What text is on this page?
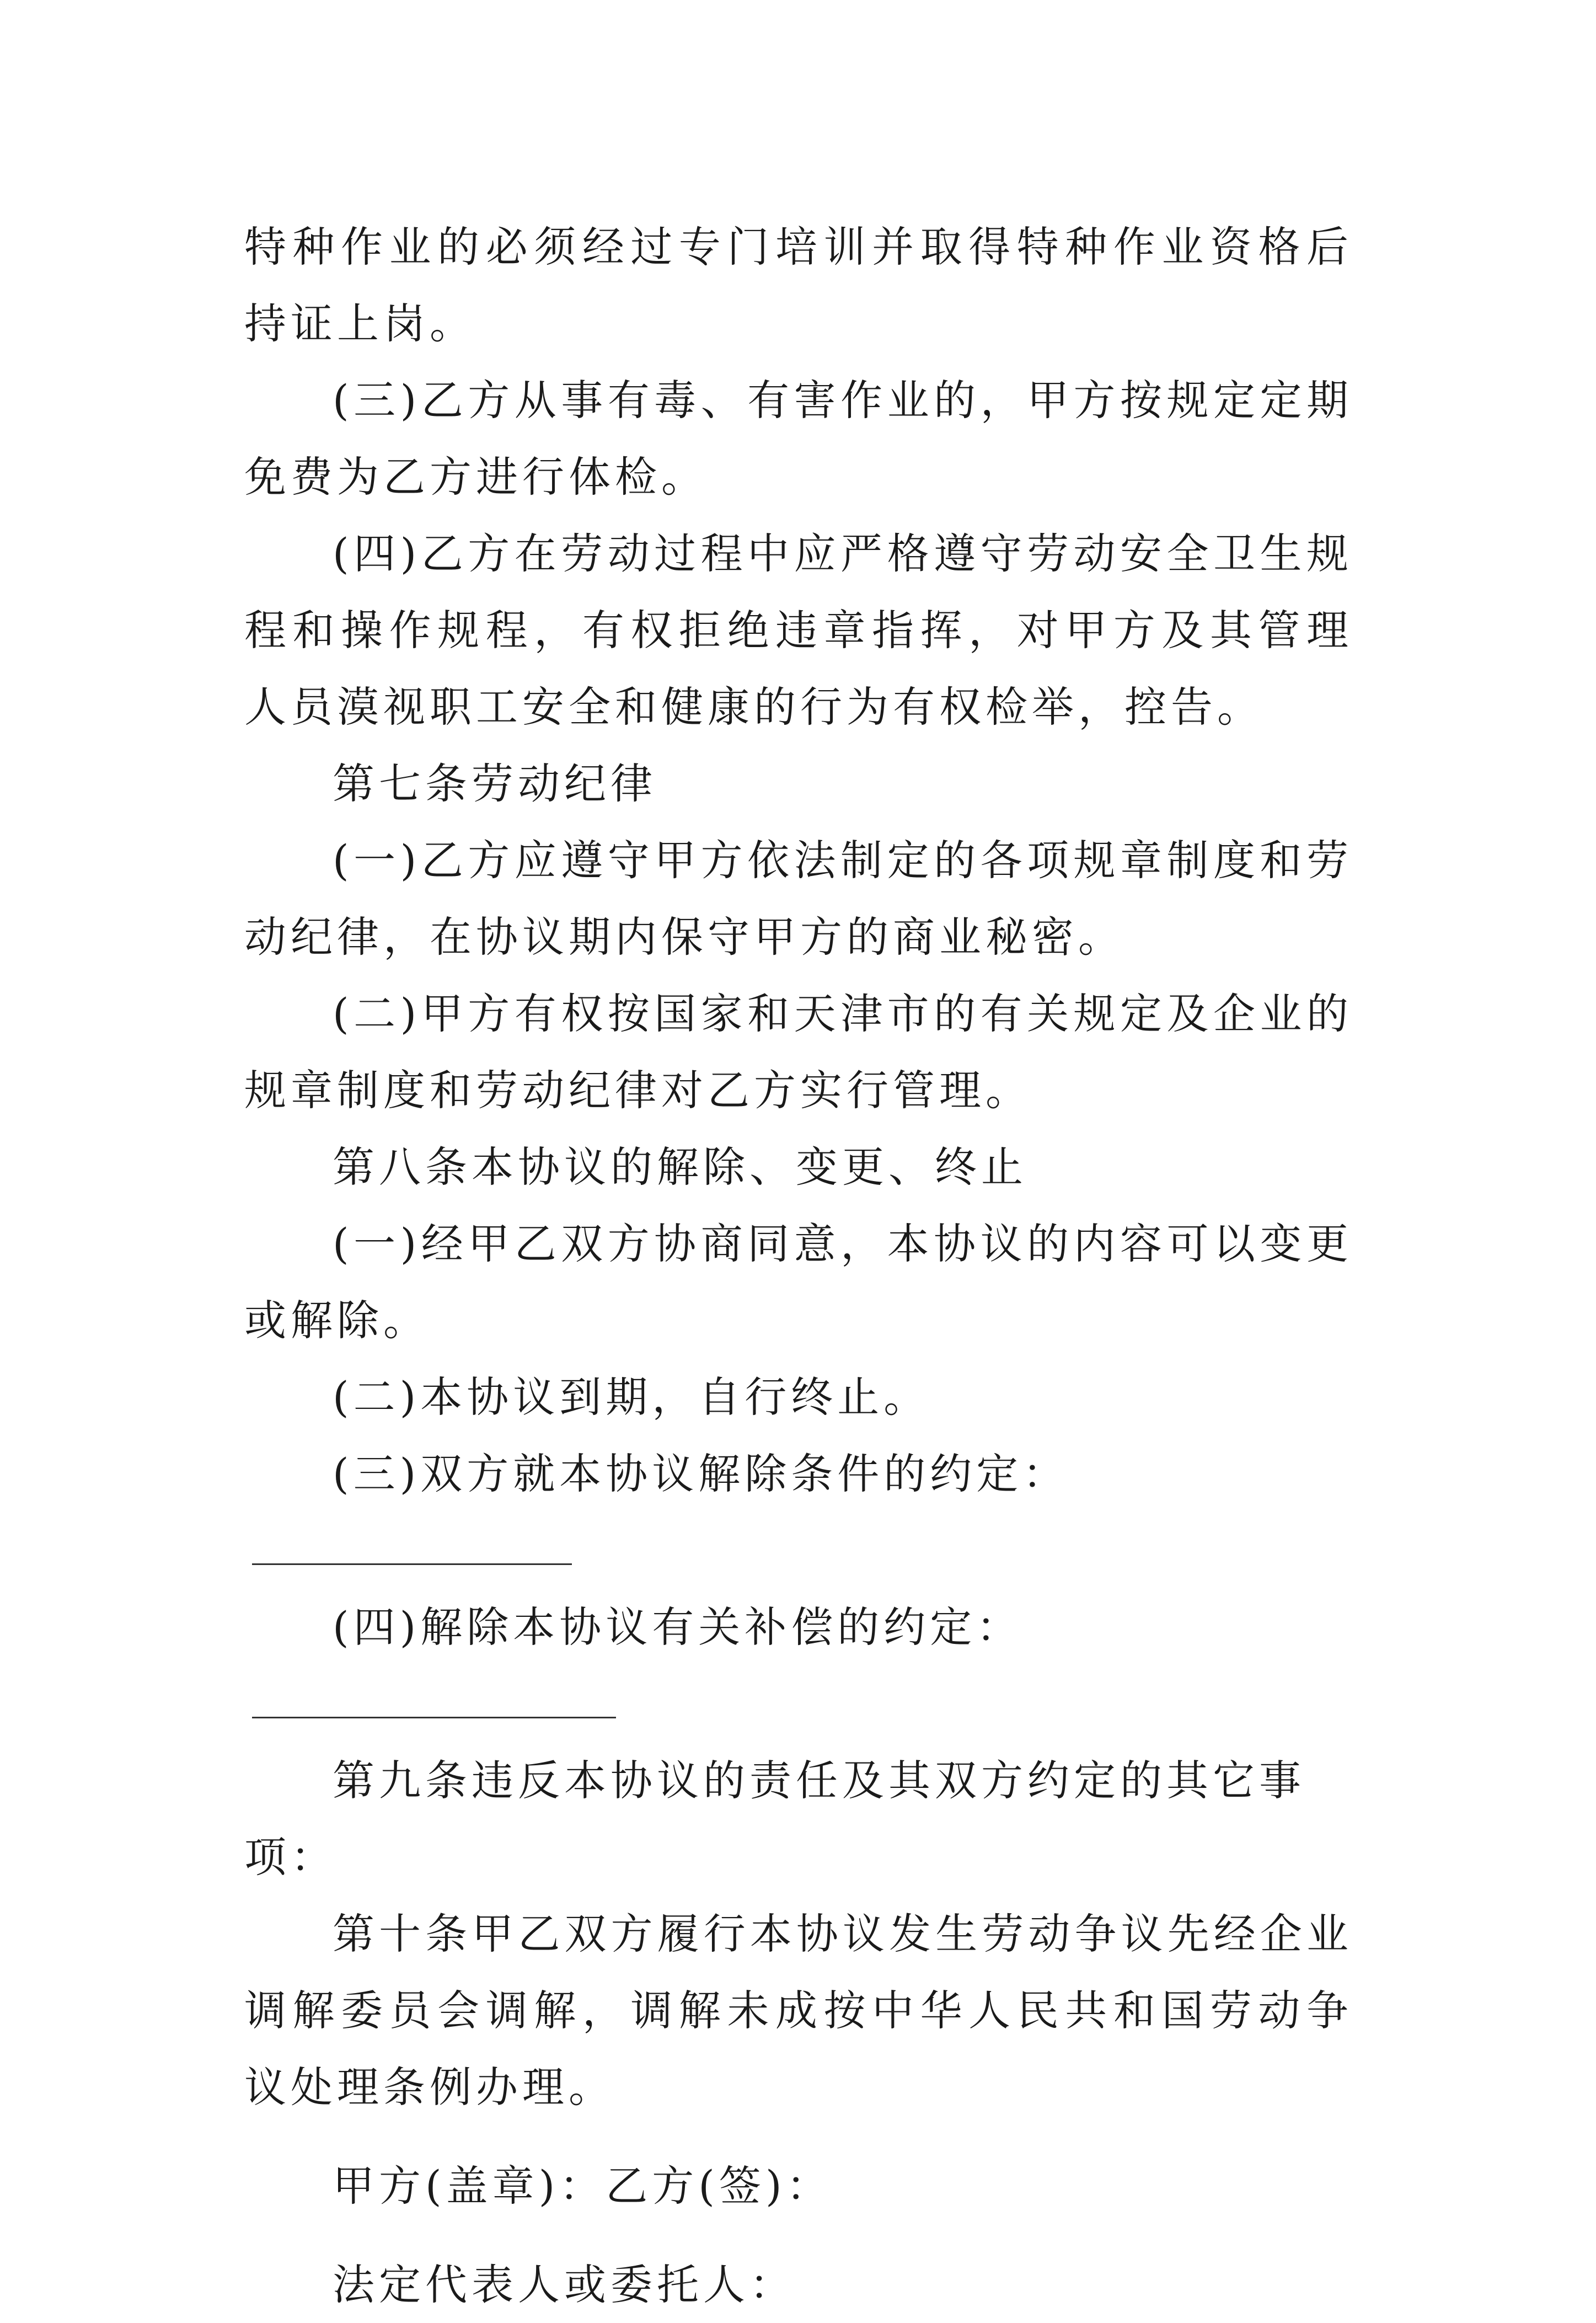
特种作业的必须经过专门培训并取得特种作业资格后持证上岗。

(三)乙方从事有毒、有害作业的，甲方按规定定期免费为乙方进行体检。

(四)乙方在劳动过程中应严格遵守劳动安全卫生规程和操作规程，有权拒绝违章指挥，对甲方及其管理人员漠视职工安全和健康的行为有权检举，控告。

第七条劳动纪律

(一)乙方应遵守甲方依法制定的各项规章制度和劳动纪律，在协议期内保守甲方的商业秘密。

(二)甲方有权按国家和天津市的有关规定及企业的规章制度和劳动纪律对乙方实行管理。

第八条本协议的解除、变更、终止

(一)经甲乙双方协商同意，本协议的内容可以变更或解除。

(二)本协议到期，自行终止。

(三)双方就本协议解除条件的约定：

(四)解除本协议有关补偿的约定：

第九条违反本协议的责任及其双方约定的其它事项：

第十条甲乙双方履行本协议发生劳动争议先经企业调解委员会调解，调解未成按中华人民共和国劳动争议处理条例办理。

甲方(盖章)：乙方(签)：

法定代表人或委托人：
